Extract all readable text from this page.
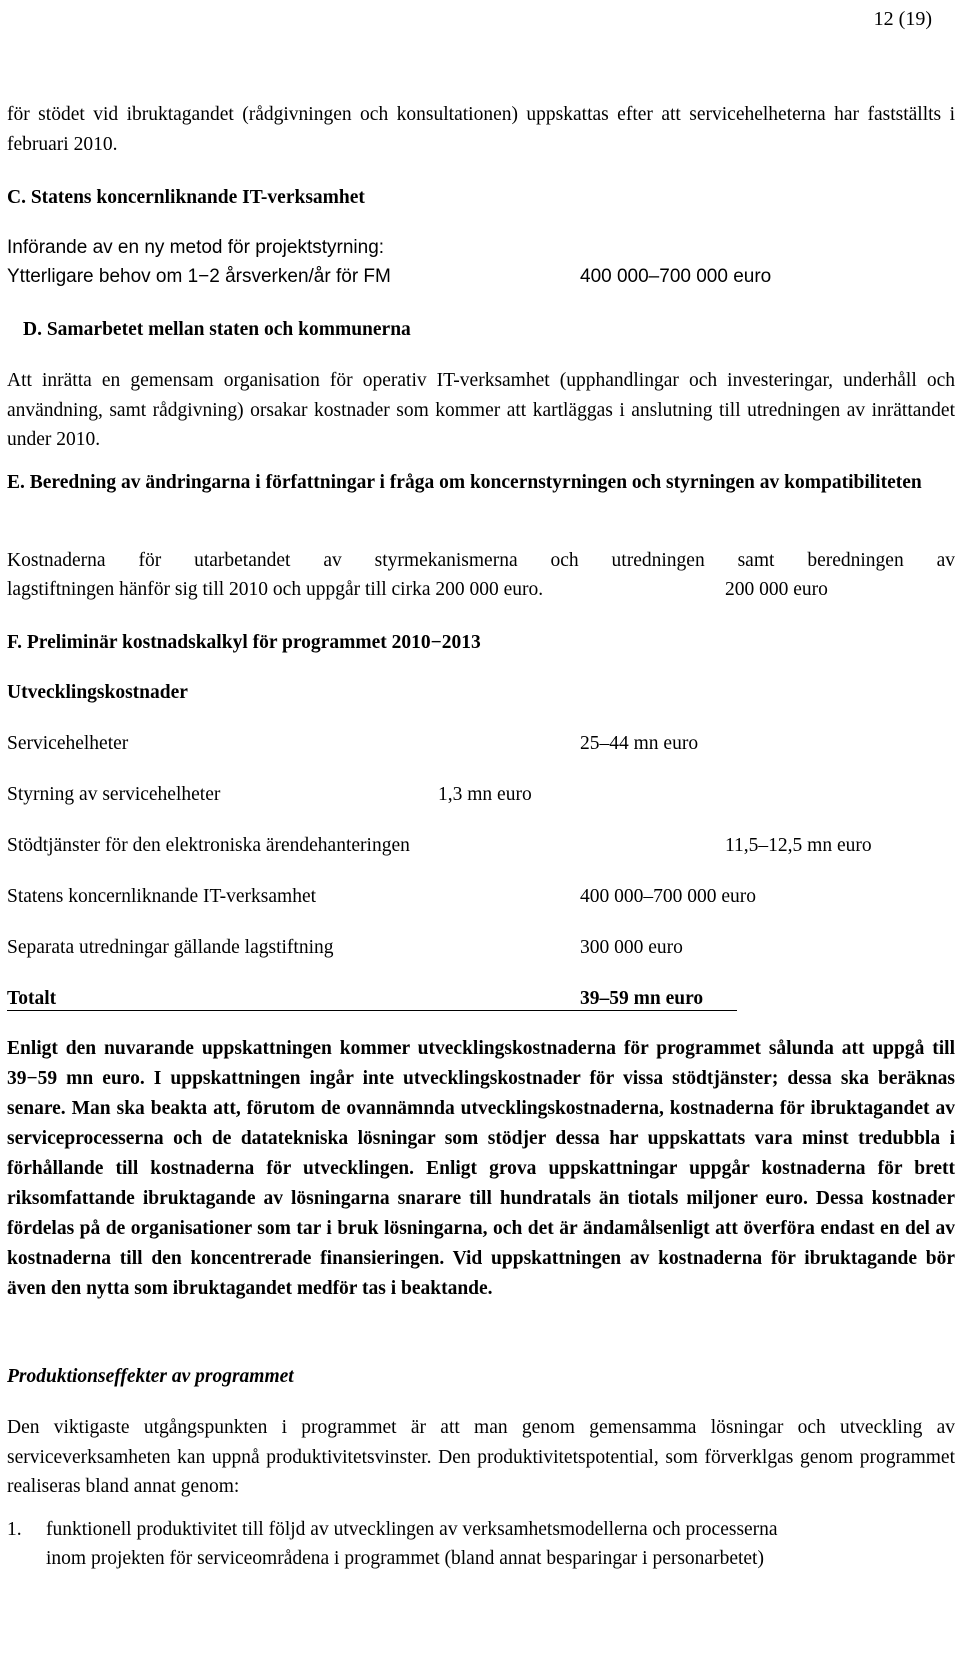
12 (19)
för stödet vid ibruktagandet (rådgivningen och konsultationen) uppskattas efter att servicehelheterna har fastställts i februari 2010.
C. Statens koncernliknande IT-verksamhet
Införande av en ny metod för projektstyrning:
Ytterligare behov om 1−2 årsverken/år för FM	400 000–700 000 euro
D. Samarbetet mellan staten och kommunerna
Att inrätta en gemensam organisation för operativ IT-verksamhet (upphandlingar och investeringar, underhåll och användning, samt rådgivning) orsakar kostnader som kommer att kartläggas i anslutning till utredningen av inrättandet under 2010.
E. Beredning av ändringarna i författningar i fråga om koncernstyrningen och styrningen av kompatibiliteten
Kostnaderna för utarbetandet av styrmekanismerna och utredningen samt beredningen av
lagstiftningen hänför sig till 2010 och uppgår till cirka 200 000 euro.	200 000 euro
F. Preliminär kostnadskalkyl för programmet 2010−2013
Utvecklingskostnader
Servicehelheter	25–44 mn euro
Styrning av servicehelheter	1,3 mn euro
Stödtjänster för den elektroniska ärendehanteringen	11,5–12,5 mn euro
Statens koncernliknande IT-verksamhet	400 000–700 000 euro
Separata utredningar gällande lagstiftning	300 000 euro
Totalt	39–59 mn euro
Enligt den nuvarande uppskattningen kommer utvecklingskostnaderna för programmet sålunda att uppgå till 39−59 mn euro. I uppskattningen ingår inte utvecklingskostnader för vissa stödtjänster; dessa ska beräknas senare. Man ska beakta att, förutom de ovannämnda utvecklingskostnaderna, kostnaderna för ibruktagandet av serviceprocesserna och de datatekniska lösningar som stödjer dessa har uppskattats vara minst tredubbla i förhållande till kostnaderna för utvecklingen. Enligt grova uppskattningar uppgår kostnaderna för brett riksomfattande ibruktagande av lösningarna snarare till hundratals än tiotals miljoner euro. Dessa kostnader fördelas på de organisationer som tar i bruk lösningarna, och det är ändamålsenligt att överföra endast en del av kostnaderna till den koncentrerade finansieringen. Vid uppskattningen av kostnaderna för ibruktagande bör även den nytta som ibruktagandet medför tas i beaktande.
Produktionseffekter av programmet
Den viktigaste utgångspunkten i programmet är att man genom gemensamma lösningar och utveckling av serviceverksamheten kan uppnå produktivitetsvinster. Den produktivitetspotential, som förverklgas genom programmet realiseras bland annat genom:
1. funktionell produktivitet till följd av utvecklingen av verksamhetsmodellerna och processerna
inom projekten för serviceområdena i programmet (bland annat besparingar i personarbetet)
